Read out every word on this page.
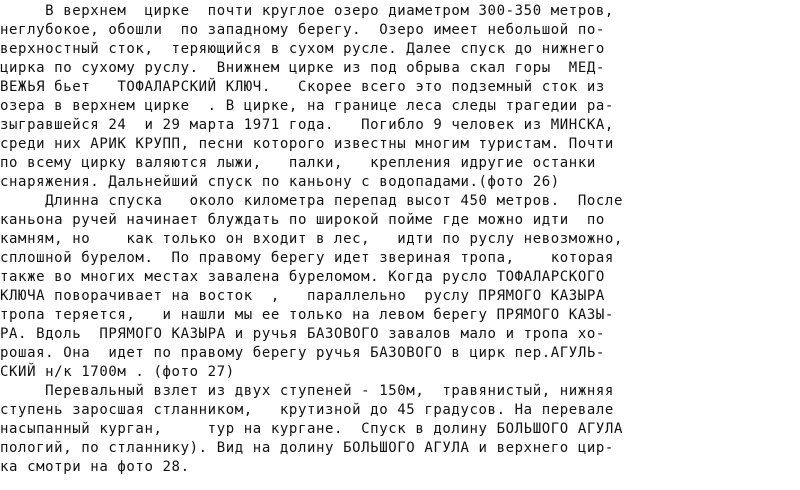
В верхнем  цирке  почти круглое озеро диаметром 300-350 метров,
неглубокое, обошли  по западному берегу.  Озеро имеет небольшой по-
верхностный сток,  теряющийся в сухом русле. Далее спуск до нижнего
цирка по сухому руслу.  Внижнем цирке из под обрыва скал горы  МЕД-
ВЕЖЬЯ бьет   ТОФАЛАРСКИЙ КЛЮЧ.   Скорее всего это подземный сток из
озера в верхнем цирке  . В цирке, на границе леса следы трагедии ра-
зыгравшейся 24  и 29 марта 1971 года.   Погибло 9 человек из МИНСКА,
среди них АРИК КРУПП, песни которого известны многим туристам. Почти
по всему цирку валяются лыжи,   палки,   крепления идругие останки
снаряжения. Дальнейший спуск по каньону с водопадами.(фото 26)
Длинна спуска   около километра перепад высот 450 метров.  После
каньона ручей начинает блуждать по широкой пойме где можно идти  по
камням, но    как только он входит в лес,   идти по руслу невозможно,
сплошной бурелом.  По правому берегу идет звериная тропа,    которая
также во многих местах завалена буреломом. Когда русло ТОФАЛАРСКОГО
КЛЮЧА поворачивает на восток  ,   параллельно  руслу ПРЯМОГО КАЗЫРА
тропа теряется,   и нашли мы ее только на левом берегу ПРЯМОГО КАЗЫ-
РА. Вдоль  ПРЯМОГО КАЗЫРА и ручья БАЗОВОГО завалов мало и тропа хо-
рошая. Она  идет по правому берегу ручья БАЗОВОГО в цирк пер.АГУЛЬ-
СКИЙ н/к 1700м . (фото 27)
Перевальный взлет из двух ступеней - 150м,  травянистый, нижняя
ступень заросшая стланником,   крутизной до 45 градусов. На перевале
насыпанный курган,     тур на кургане.  Спуск в долину БОЛЬШОГО АГУЛА
пологий, по стланнику). Вид на долину БОЛЬШОГО АГУЛА и верхнего цир-
ка смотри на фото 28.
